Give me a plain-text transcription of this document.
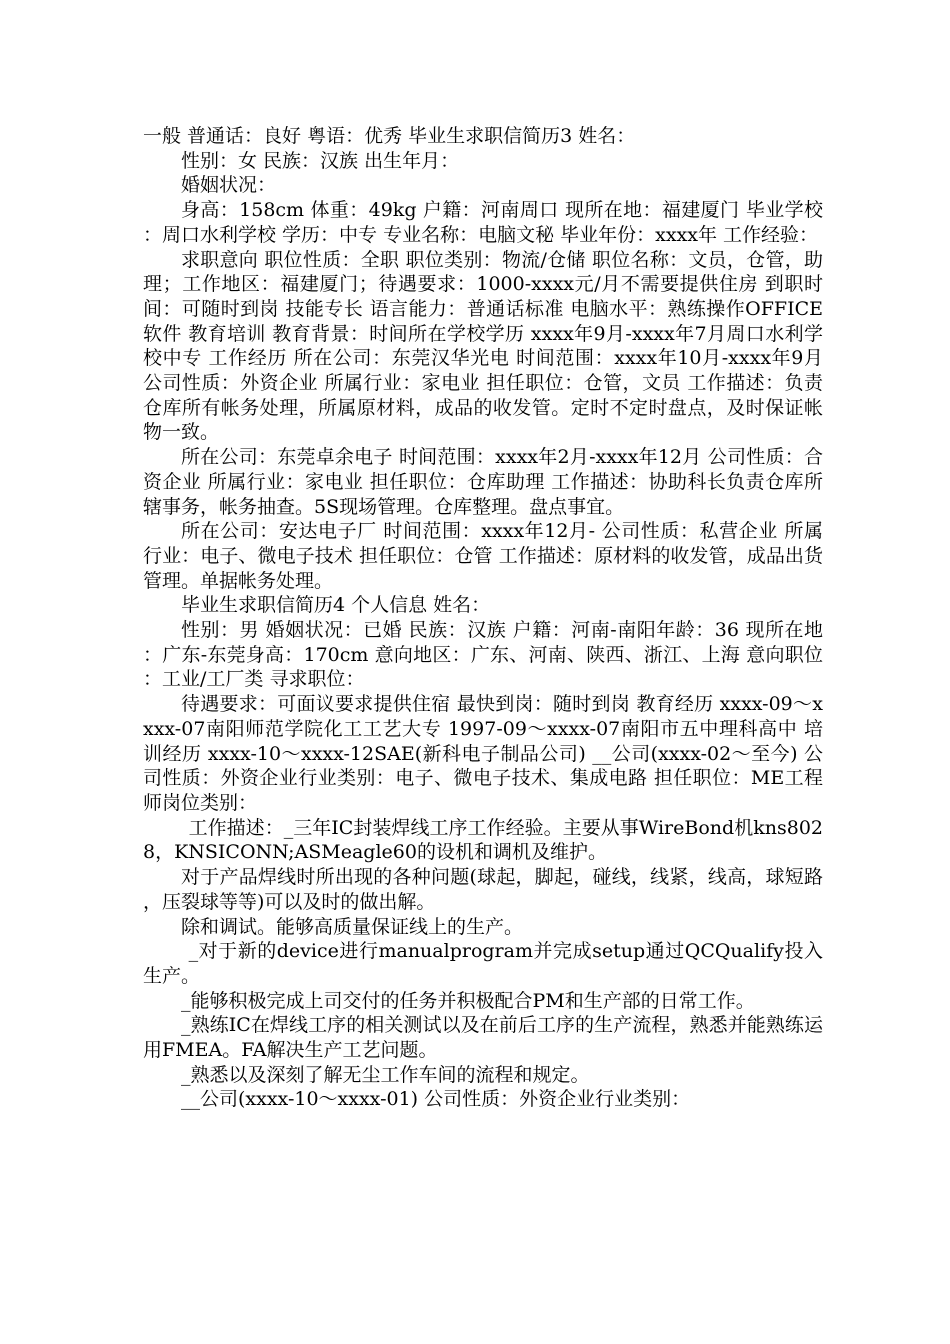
一般 普通话：良好 粤语：优秀 毕业生求职信简历3 姓名：

性别：女 民族：汉族 出生年月：

婚姻状况：

身高：158cm 体重：49kg 户籍：河南周口 现所在地：福建厦门 毕业学校：周口水利学校 学历：中专 专业名称：电脑文秘 毕业年份：xxxx年 工作经验：

求职意向 职位性质：全职 职位类别：物流/仓储 职位名称：文员，仓管，助理；工作地区：福建厦门；待遇要求：1000-xxxx元/月不需要提供住房 到职时间：可随时到岗 技能专长 语言能力：普通话标准 电脑水平：熟练操作OFFICE软件 教育培训 教育背景：时间所在学校学历 xxxx年9月-xxxx年7月周口水利学校中专 工作经历 所在公司：东莞汉华光电 时间范围：xxxx年10月-xxxx年9月 公司性质：外资企业 所属行业：家电业 担任职位：仓管，文员 工作描述：负责仓库所有帐务处理，所属原材料，成品的收发管。定时不定时盘点，及时保证帐物一致。

所在公司：东莞卓余电子 时间范围：xxxx年2月-xxxx年12月 公司性质：合资企业 所属行业：家电业 担任职位：仓库助理 工作描述：协助科长负责仓库所辖事务，帐务抽查。5S现场管理。仓库整理。盘点事宜。

所在公司：安达电子厂 时间范围：xxxx年12月- 公司性质：私营企业 所属行业：电子、微电子技术 担任职位：仓管 工作描述：原材料的收发管，成品出货管理。单据帐务处理。

毕业生求职信简历4 个人信息 姓名：

性别：男 婚姻状况：已婚 民族：汉族 户籍：河南-南阳年龄：36 现所在地：广东-东莞身高：170cm 意向地区：广东、河南、陕西、浙江、上海 意向职位：工业/工厂类 寻求职位：

待遇要求：可面议要求提供住宿 最快到岗：随时到岗 教育经历 xxxx-09～xxxx-07南阳师范学院化工工艺大专 1997-09～xxxx-07南阳市五中理科高中 培训经历 xxxx-10～xxxx-12SAE(新科电子制品公司) __公司(xxxx-02～至今) 公司性质：外资企业行业类别：电子、微电子技术、集成电路 担任职位：ME工程师岗位类别：

工作描述：_三年IC封装焊线工序工作经验。主要从事WireBond机kns8028，KNSICONN;ASMeagle60的设机和调机及维护。

对于产品焊线时所出现的各种问题(球起，脚起，碰线，线紧，线高，球短路，压裂球等等)可以及时的做出解。

除和调试。能够高质量保证线上的生产。

_对于新的device进行manualprogram并完成setup通过QCQualify投入生产。

_能够积极完成上司交付的任务并积极配合PM和生产部的日常工作。

_熟练IC在焊线工序的相关测试以及在前后工序的生产流程，熟悉并能熟练运用FMEA。FA解决生产工艺问题。

_熟悉以及深刻了解无尘工作车间的流程和规定。

__公司(xxxx-10～xxxx-01) 公司性质：外资企业行业类别：
